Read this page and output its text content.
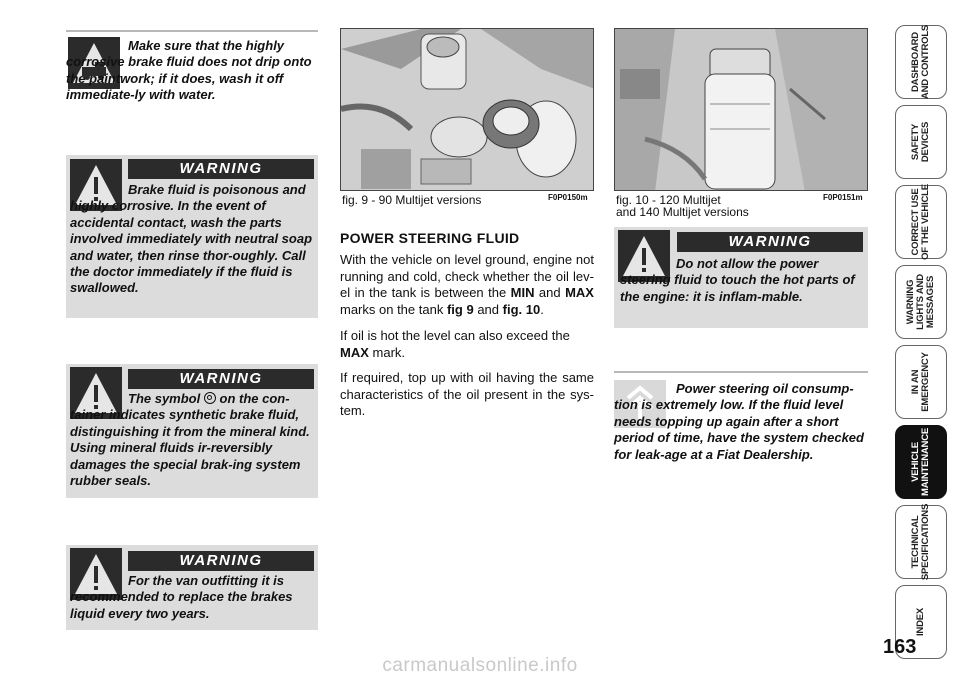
Make sure that the highly corrosive brake fluid does not drip onto the paintwork; if it does, wash it off immediate-ly with water.
WARNING
Brake fluid is poisonous and highly corrosive. In the event of accidental contact, wash the parts involved immediately with neutral soap and water, then rinse thor-oughly. Call the doctor immediately if the fluid is swallowed.
WARNING
The symbol on the con-tainer indicates synthetic brake fluid, distinguishing it from the mineral kind. Using mineral fluids ir-reversibly damages the special brak-ing system rubber seals.
WARNING
For the van outfitting it is recommended to replace the brakes liquid every two years.
fig. 9 - 90 Multijet versions	F0P0150m fig. 10 - 120 Multijet
and 140 Multijet versions
F0P0151m
POWER STEERING FLUID
With the vehicle on level ground, engine not running and cold, check whether the oil lev-el in the tank is between the MIN and MAX marks on the tank fig 9 and fig. 10.
If oil is hot the level can also exceed the MAX mark.
If required, top up with oil having the same characteristics of the oil present in the sys-tem.
WARNING
Do not allow the power steering fluid to touch the hot parts of the engine: it is inflam-mable.
Power steering oil consump-tion is extremely low. If the fluid level needs topping up again after a short period of time, have the system checked for leak-age at a Fiat Dealership.
DASHBOARD
AND CONTROLS
SAFETY
DEVICES
CORRECT USE
OF THE VEHICLE
WARNING
LIGHTS AND
MESSAGES
IN AN
EMERGENCY
VEHICLE
MAINTENANCE
TECHNICAL
SPECIFICATIONS
INDEX
163
carmanualsonline.info
